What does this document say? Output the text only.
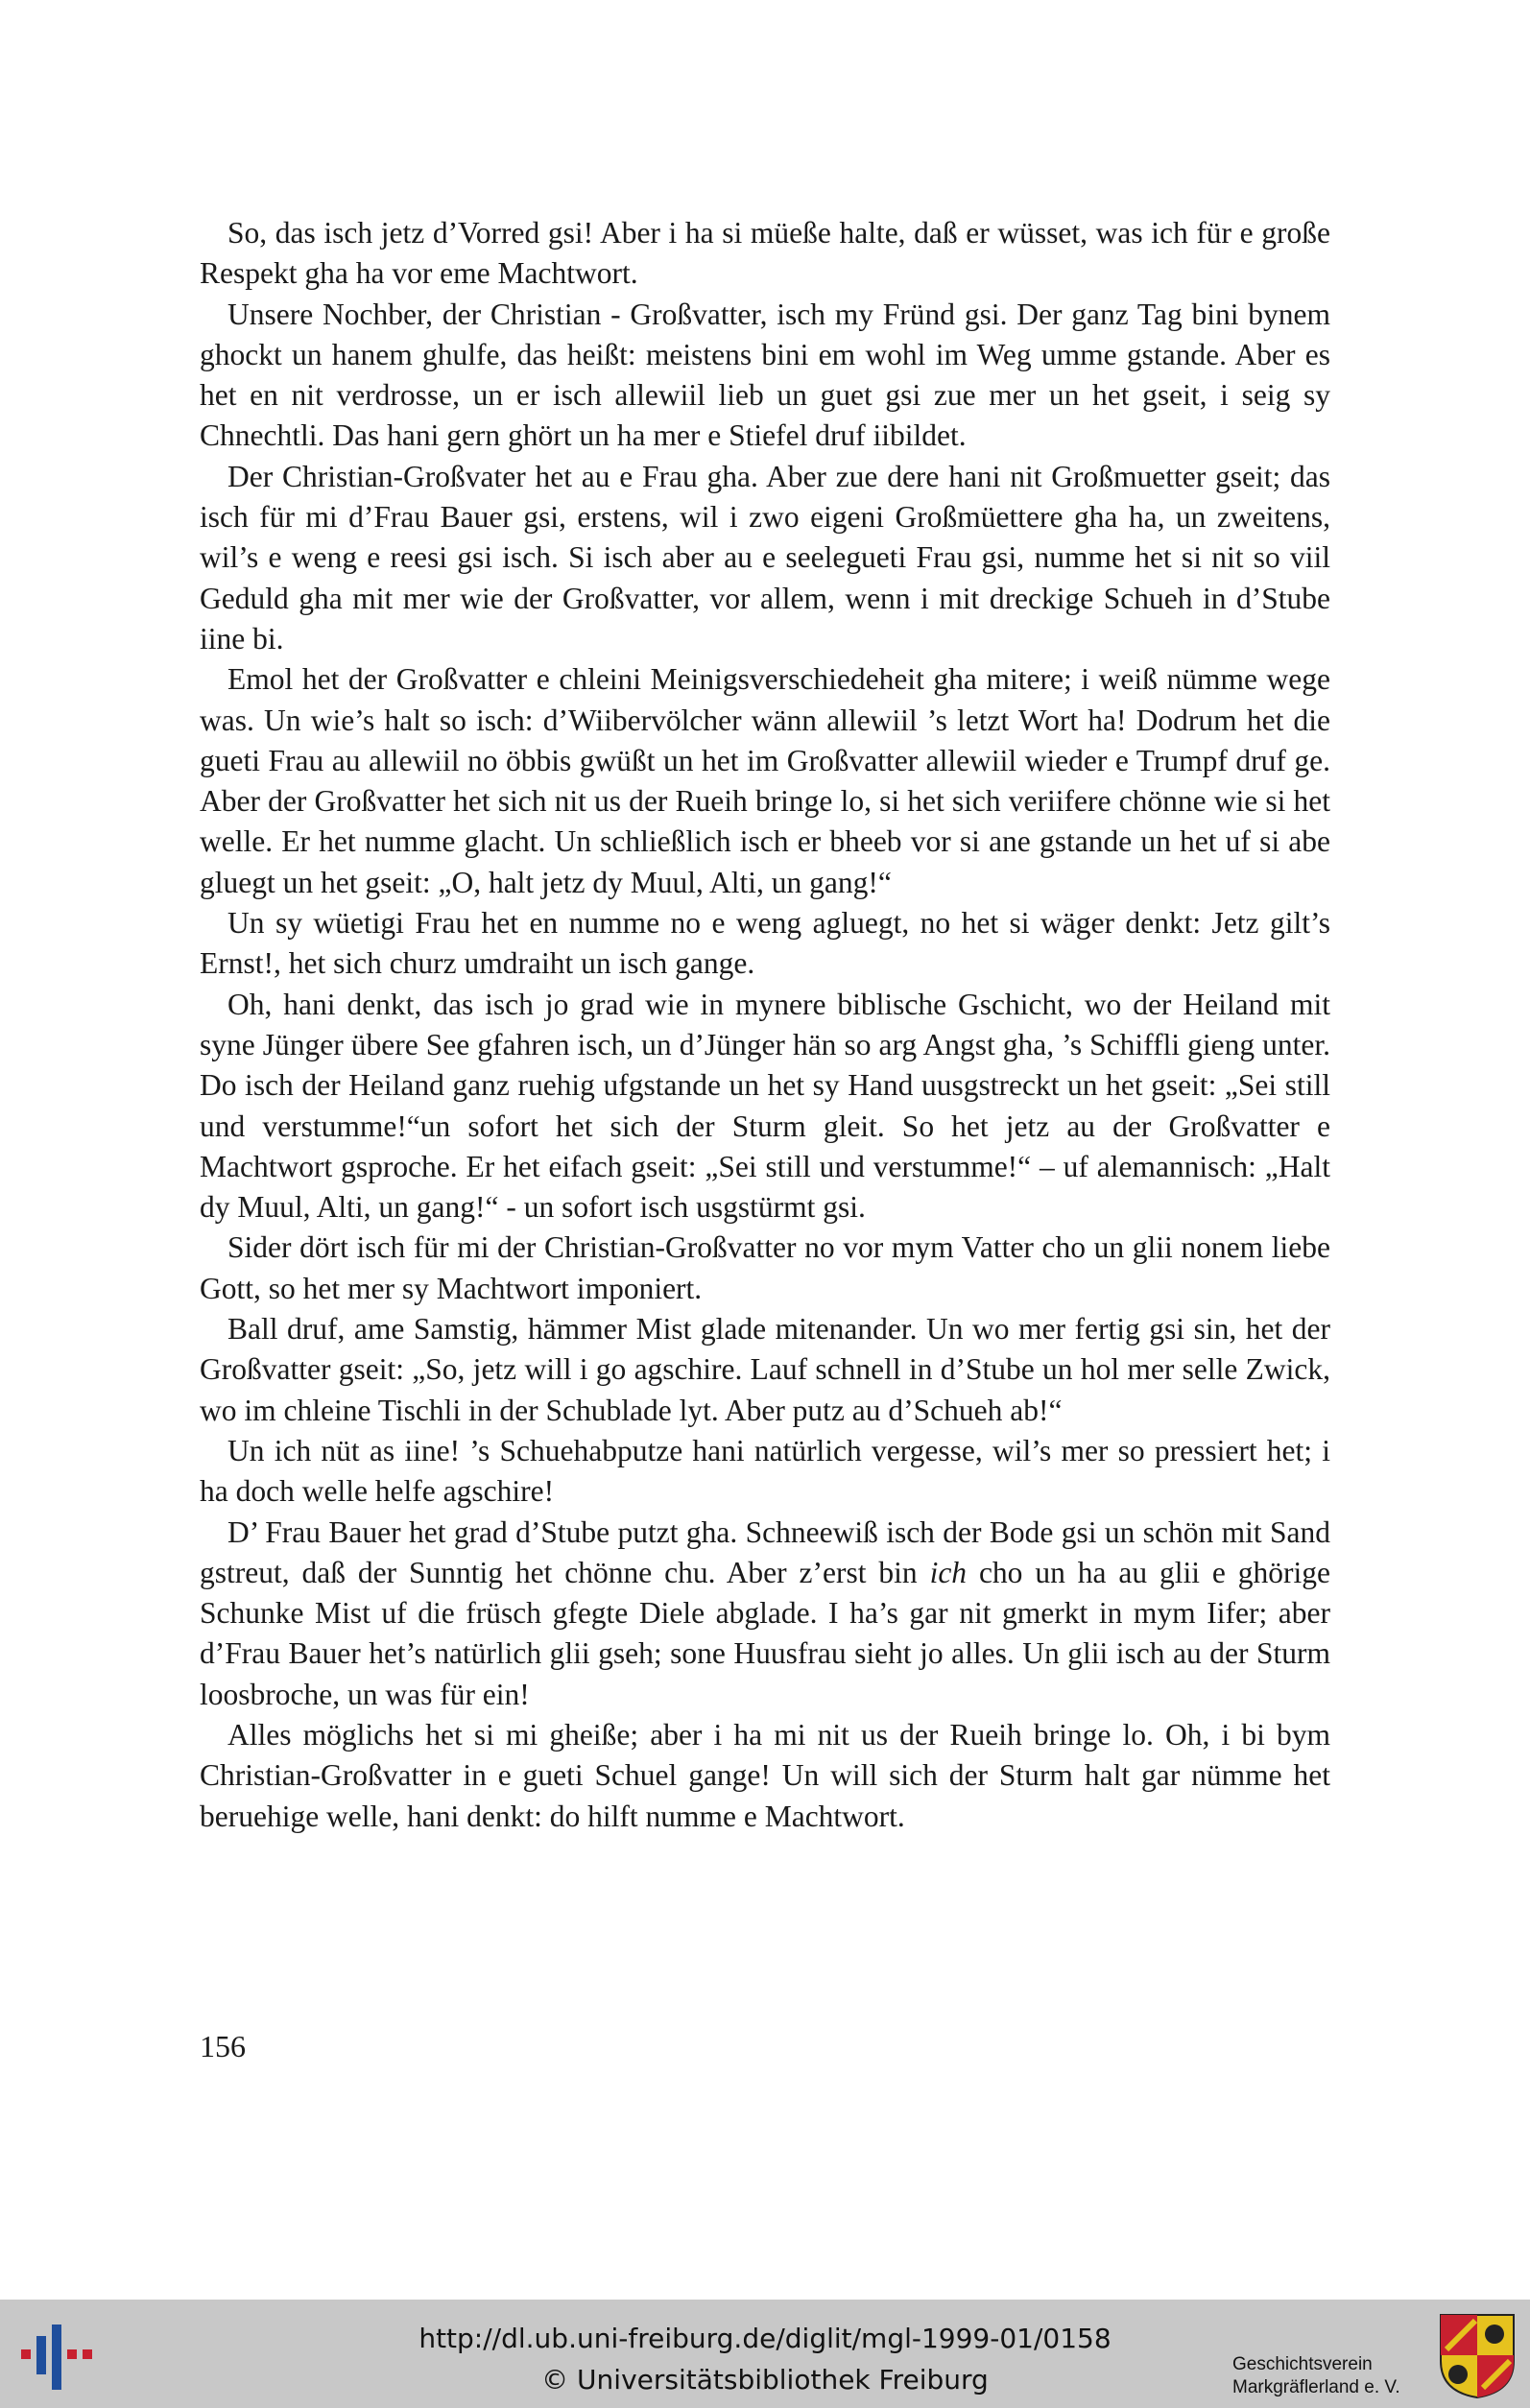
So, das isch jetz d’Vorred gsi! Aber i ha si müeße halte, daß er wüsset, was ich für e große Respekt gha ha vor eme Machtwort.

Unsere Nochber, der Christian - Großvatter, isch my Fründ gsi. Der ganz Tag bini bynem ghockt un hanem ghulfe, das heißt: meistens bini em wohl im Weg umme gstande. Aber es het en nit verdrosse, un er isch allewiil lieb un guet gsi zue mer un het gseit, i seig sy Chnechtli. Das hani gern ghört un ha mer e Stiefel druf iibildet.

Der Christian-Großvater het au e Frau gha. Aber zue dere hani nit Großmuetter gseit; das isch für mi d’Frau Bauer gsi, erstens, wil i zwo eigeni Großmüettere gha ha, un zweitens, wil’s e weng e reesi gsi isch. Si isch aber au e seelegueti Frau gsi, numme het si nit so viil Geduld gha mit mer wie der Großvatter, vor allem, wenn i mit dreckige Schueh in d’Stube iine bi.

Emol het der Großvatter e chleini Meinigsverschiedeheit gha mitere; i weiß nümme wege was. Un wie’s halt so isch: d’Wiibervölcher wänn allewiil ’s letzt Wort ha! Dodrum het die gueti Frau au allewiil no öbbis gwüßt un het im Großvatter allewiil wieder e Trumpf druf ge. Aber der Großvatter het sich nit us der Rueih bringe lo, si het sich veriifere chönne wie si het welle. Er het numme glacht. Un schließlich isch er bheeb vor si ane gstande un het uf si abe gluegt un het gseit: „O, halt jetz dy Muul, Alti, un gang!“

Un sy wüetigi Frau het en numme no e weng agluegt, no het si wäger denkt: Jetz gilt’s Ernst!, het sich churz umdraiht un isch gange.

Oh, hani denkt, das isch jo grad wie in mynere biblische Gschicht, wo der Heiland mit syne Jünger übere See gfahren isch, un d’Jünger hän so arg Angst gha, ’s Schiffli gieng unter. Do isch der Heiland ganz ruehig ufgstande un het sy Hand uusgstreckt un het gseit: „Sei still und verstumme!“un sofort het sich der Sturm gleit. So het jetz au der Großvatter e Machtwort gsproche. Er het eifach gseit: „Sei still und verstumme!“ – uf alemannisch: „Halt dy Muul, Alti, un gang!“ - un sofort isch usgstürmt gsi.

Sider dört isch für mi der Christian-Großvatter no vor mym Vatter cho un glii nonem liebe Gott, so het mer sy Machtwort imponiert.

Ball druf, ame Samstig, hämmer Mist glade mitenander. Un wo mer fertig gsi sin, het der Großvatter gseit: „So, jetz will i go agschire. Lauf schnell in d’Stube un hol mer selle Zwick, wo im chleine Tischli in der Schublade lyt. Aber putz au d’Schueh ab!“

Un ich nüt as iine! ’s Schuehabputze hani natürlich vergesse, wil’s mer so pressiert het; i ha doch welle helfe agschire!

D’ Frau Bauer het grad d’Stube putzt gha. Schneewiß isch der Bode gsi un schön mit Sand gstreut, daß der Sunntig het chönne chu. Aber z’erst bin ich cho un ha au glii e ghörige Schunke Mist uf die früsch gfegte Diele abglade. I ha’s gar nit gmerkt in mym Iifer; aber d’Frau Bauer het’s natürlich glii gseh; sone Huusfrau sieht jo alles. Un glii isch au der Sturm loosbroche, un was für ein!

Alles möglichs het si mi gheiße; aber i ha mi nit us der Rueih bringe lo. Oh, i bi bym Christian-Großvatter in e gueti Schuel gange! Un will sich der Sturm halt gar nümme het beruehige welle, hani denkt: do hilft numme e Machtwort.

156
http://dl.ub.uni-freiburg.de/diglit/mgl-1999-01/0158
© Universitätsbibliothek Freiburg	Geschichtsverein
Markgräflerland e. V.
